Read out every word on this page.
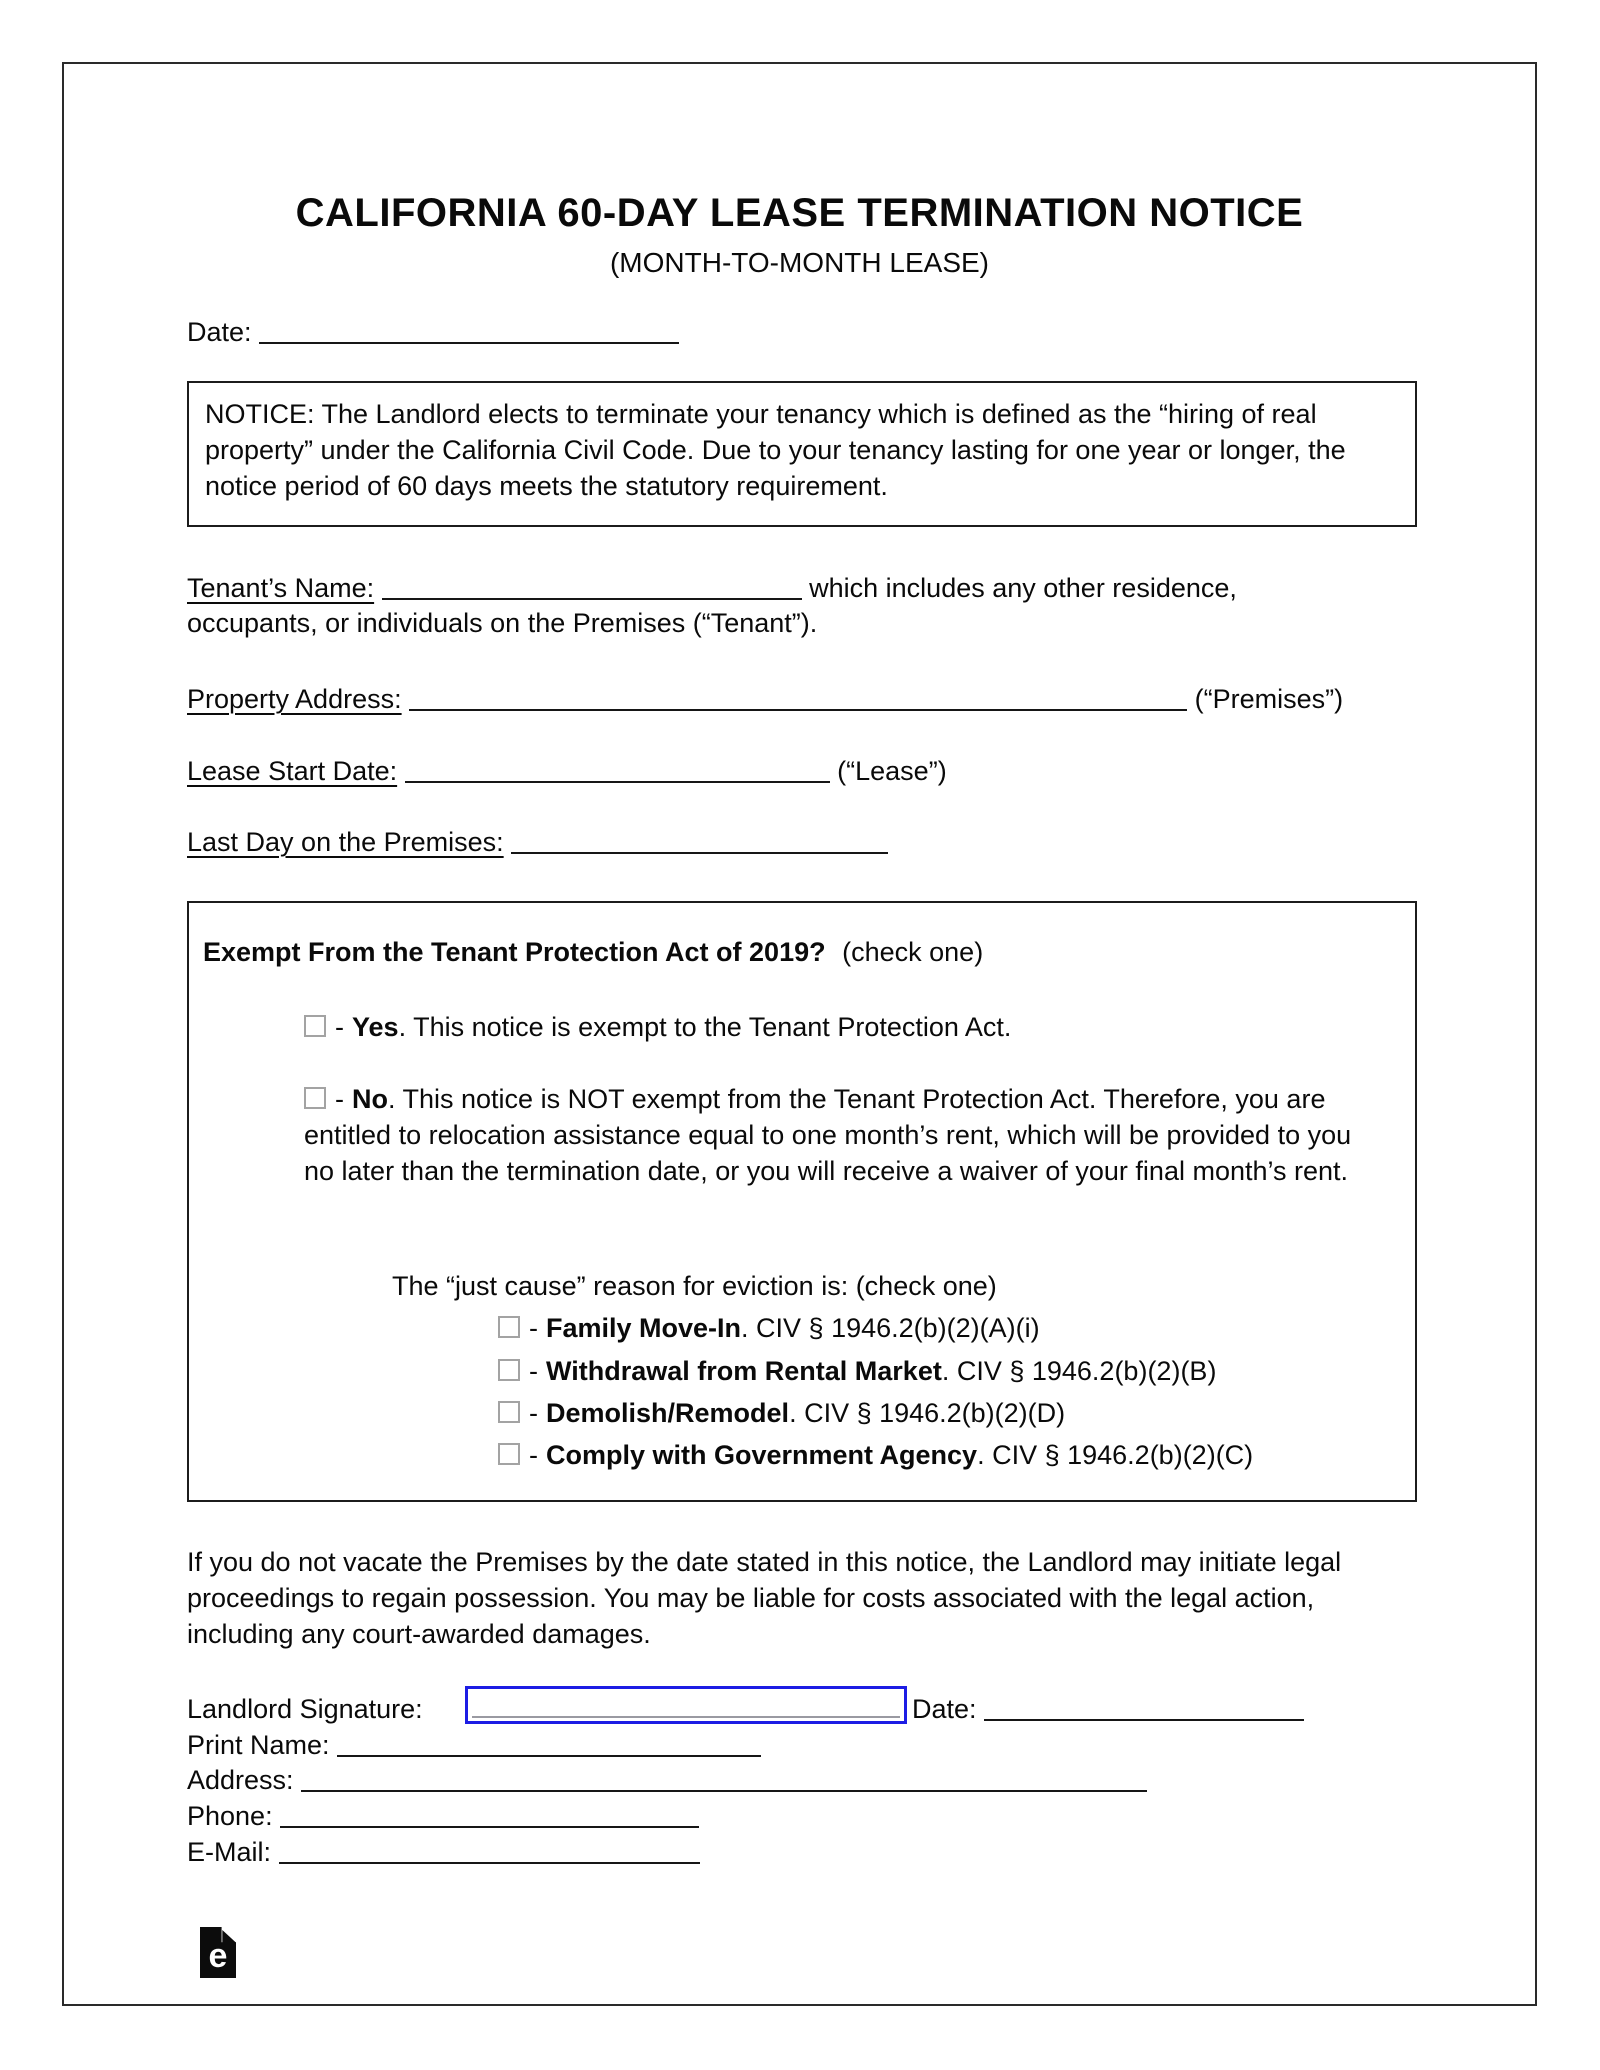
CALIFORNIA 60-DAY LEASE TERMINATION NOTICE
(MONTH-TO-MONTH LEASE)
Date:
NOTICE: The Landlord elects to terminate your tenancy which is defined as the “hiring of real property” under the California Civil Code. Due to your tenancy lasting for one year or longer, the notice period of 60 days meets the statutory requirement.
Tenant’s Name:	which includes any other residence,
occupants, or individuals on the Premises (“Tenant”).
Property Address:	(“Premises”)
Lease Start Date:	(“Lease”)
Last Day on the Premises:
Exempt From the Tenant Protection Act of 2019? (check one)
- Yes. This notice is exempt to the Tenant Protection Act.
- No. This notice is NOT exempt from the Tenant Protection Act. Therefore, you are entitled to relocation assistance equal to one month’s rent, which will be provided to you no later than the termination date, or you will receive a waiver of your final month’s rent.
The “just cause” reason for eviction is: (check one)
- Family Move-In. CIV § 1946.2(b)(2)(A)(i)
- Withdrawal from Rental Market. CIV § 1946.2(b)(2)(B)
- Demolish/Remodel. CIV § 1946.2(b)(2)(D)
- Comply with Government Agency. CIV § 1946.2(b)(2)(C)
If you do not vacate the Premises by the date stated in this notice, the Landlord may initiate legal proceedings to regain possession. You may be liable for costs associated with the legal action, including any court-awarded damages.
Landlord Signature:	Date:
Print Name:
Address:
Phone:
E-Mail:
e
